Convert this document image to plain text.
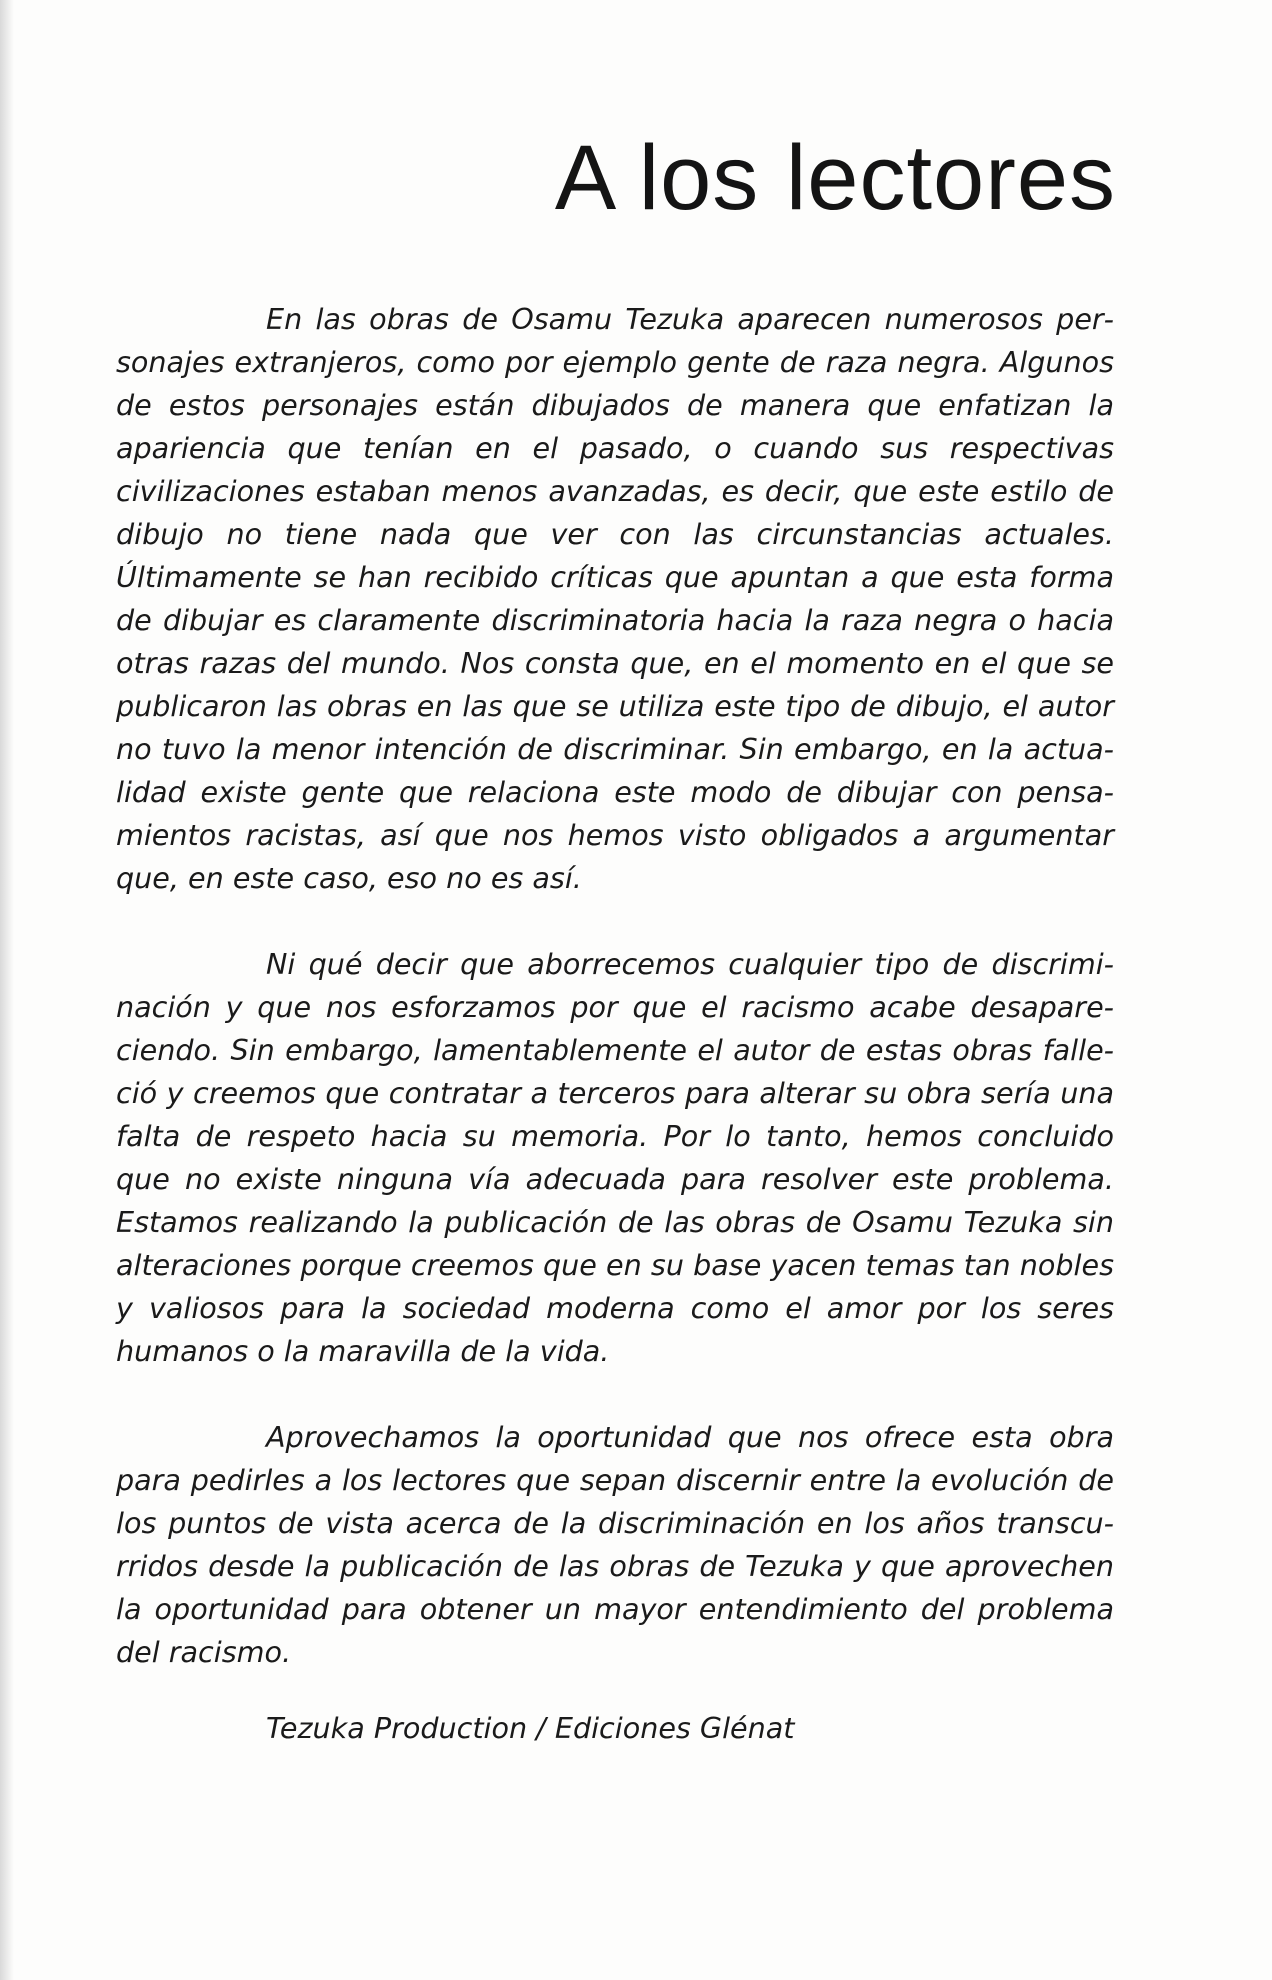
A los lectores

En las obras de Osamu Tezuka aparecen numerosos personajes extranjeros, como por ejemplo gente de raza negra. Algunos de estos personajes están dibujados de manera que enfatizan la apariencia que tenían en el pasado, o cuando sus respectivas civilizaciones estaban menos avanzadas, es decir, que este estilo de dibujo no tiene nada que ver con las circunstancias actuales. Últimamente se han recibido críticas que apuntan a que esta forma de dibujar es claramente discriminatoria hacia la raza negra o hacia otras razas del mundo. Nos consta que, en el momento en el que se publicaron las obras en las que se utiliza este tipo de dibujo, el autor no tuvo la menor intención de discriminar. Sin embargo, en la actualidad existe gente que relaciona este modo de dibujar con pensamientos racistas, así que nos hemos visto obligados a argumentar que, en este caso, eso no es así.

Ni qué decir que aborrecemos cualquier tipo de discriminación y que nos esforzamos por que el racismo acabe desapareciendo. Sin embargo, lamentablemente el autor de estas obras falleció y creemos que contratar a terceros para alterar su obra sería una falta de respeto hacia su memoria. Por lo tanto, hemos concluido que no existe ninguna vía adecuada para resolver este problema. Estamos realizando la publicación de las obras de Osamu Tezuka sin alteraciones porque creemos que en su base yacen temas tan nobles y valiosos para la sociedad moderna como el amor por los seres humanos o la maravilla de la vida.

Aprovechamos la oportunidad que nos ofrece esta obra para pedirles a los lectores que sepan discernir entre la evolución de los puntos de vista acerca de la discriminación en los años transcurridos desde la publicación de las obras de Tezuka y que aprovechen la oportunidad para obtener un mayor entendimiento del problema del racismo.

Tezuka Production / Ediciones Glénat
